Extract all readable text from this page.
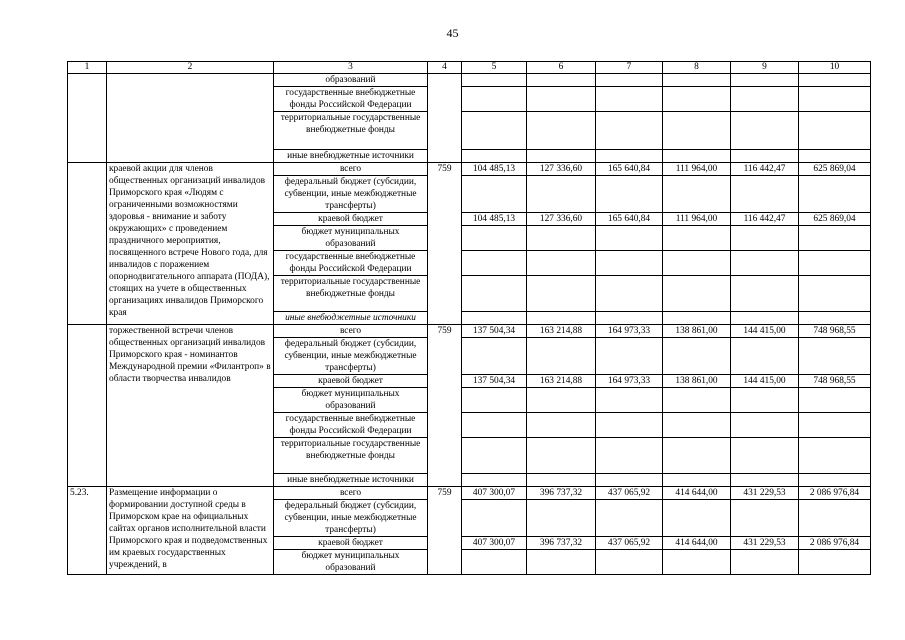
45
1	2	3	4	5	6	7	8	9	10
		образований							
		государственные внебюджетные фонды Российской Федерации							
		территориальные государственные внебюджетные фонды							
		иные внебюджетные источники							
	краевой акции для членов общественных организаций инвалидов Приморского края «Людям с ограниченными возможностями здоровья - внимание и заботу окружающих» с проведением праздничного мероприятия, посвященного встрече Нового года, для инвалидов с поражением опорнодвигательного аппарата (ПОДА), стоящих на учете в общественных организациях инвалидов Приморского края	всего	759	104 485,13	127 336,60	165 640,84	111 964,00	116 442,47	625 869,04
		федеральный бюджет (субсидии, субвенции, иные межбюджетные трансферты)							
		краевой бюджет		104 485,13	127 336,60	165 640,84	111 964,00	116 442,47	625 869,04
		бюджет муниципальных образований							
		государственные внебюджетные фонды Российской Федерации							
		территориальные государственные внебюджетные фонды							
		иные внебюджетные источники							
	торжественной встречи членов общественных организаций инвалидов Приморского края - номинантов Международной премии «Филантроп» в области творчества инвалидов	всего	759	137 504,34	163 214,88	164 973,33	138 861,00	144 415,00	748 968,55
		федеральный бюджет (субсидии, субвенции, иные межбюджетные трансферты)							
		краевой бюджет		137 504,34	163 214,88	164 973,33	138 861,00	144 415,00	748 968,55
		бюджет муниципальных образований							
		государственные внебюджетные фонды Российской Федерации							
		территориальные государственные внебюджетные фонды							
		иные внебюджетные источники							
5.23.	Размещение информации о формировании доступной среды в Приморском крае на официальных сайтах органов исполнительной власти Приморского края и подведомственных им краевых государственных учреждений, в	всего	759	407 300,07	396 737,32	437 065,92	414 644,00	431 229,53	2 086 976,84
		федеральный бюджет (субсидии, субвенции, иные межбюджетные трансферты)							
		краевой бюджет		407 300,07	396 737,32	437 065,92	414 644,00	431 229,53	2 086 976,84
		бюджет муниципальных образований							
